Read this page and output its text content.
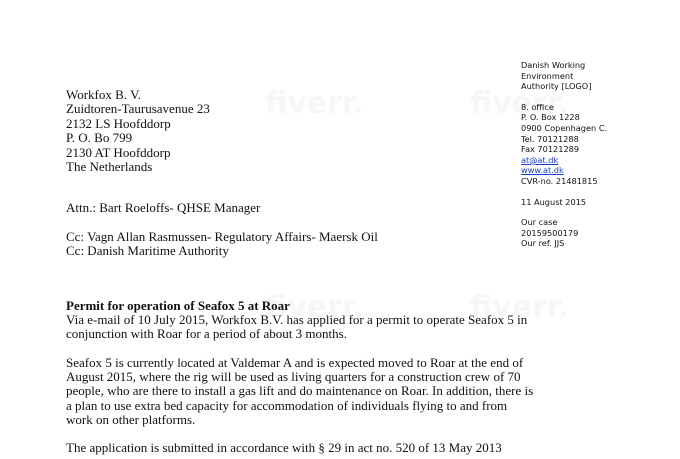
Danish Working
Environment
Authority [LOGO]
8. office
P. O. Box 1228
0900 Copenhagen C.
Tel. 70121288
Fax 70121289
at@at.dk
www.at.dk
CVR-no. 21481815
11 August 2015
Our case
20159500179
Our ref. JJS
Workfox B. V.
Zuidtoren-Taurusavenue 23
2132 LS Hoofddorp
P. O. Bo 799
2130 AT Hoofddorp
The Netherlands
Attn.: Bart Roeloffs- QHSE Manager
Cc: Vagn Allan Rasmussen- Regulatory Affairs- Maersk Oil
Cc: Danish Maritime Authority
Permit for operation of Seafox 5 at Roar
Via e-mail of 10 July 2015, Workfox B.V. has applied for a permit to operate Seafox 5 in
conjunction with Roar for a period of about 3 months.
Seafox 5 is currently located at Valdemar A and is expected moved to Roar at the end of
August 2015, where the rig will be used as living quarters for a construction crew of 70
people, who are there to install a gas lift and do maintenance on Roar. In addition, there is
a plan to use extra bed capacity for accommodation of individuals flying to and from
work on other platforms.
The application is submitted in accordance with § 29 in act no. 520 of 13 May 2013
